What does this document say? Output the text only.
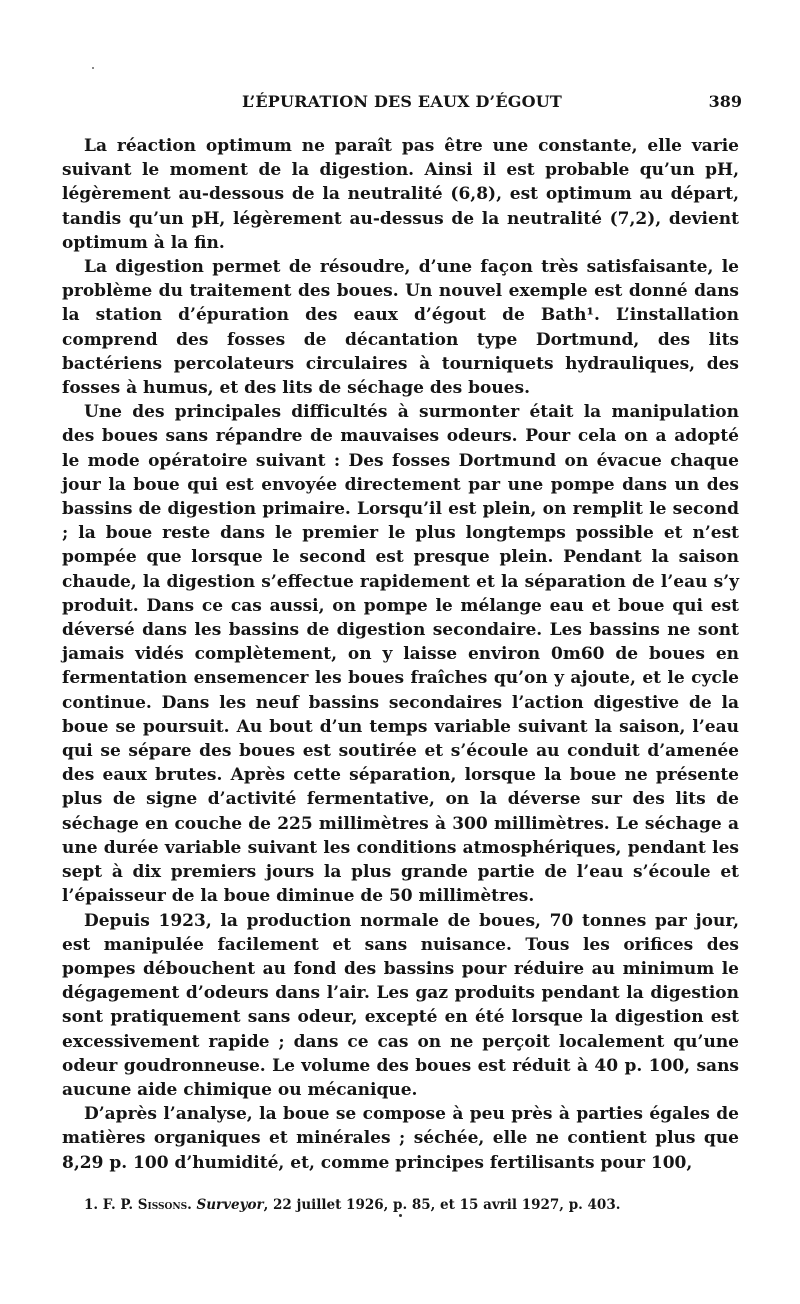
L’ÉPURATION DES EAUX D’ÉGOUT	389

La réaction optimum ne paraît pas être une constante, elle varie suivant le moment de la digestion. Ainsi il est probable qu’un pH, légèrement au-dessous de la neutralité (6,8), est optimum au départ, tandis qu’un pH, légèrement au-dessus de la neutralité (7,2), devient optimum à la fin.

La digestion permet de résoudre, d’une façon très satisfaisante, le problème du traitement des boues. Un nouvel exemple est donné dans la station d’épuration des eaux d’égout de Bath¹. L’installation comprend des fosses de décantation type Dortmund, des lits bactériens percolateurs circulaires à tourniquets hydrauliques, des fosses à humus, et des lits de séchage des boues.

Une des principales difficultés à surmonter était la manipulation des boues sans répandre de mauvaises odeurs. Pour cela on a adopté le mode opératoire suivant : Des fosses Dortmund on évacue chaque jour la boue qui est envoyée directement par une pompe dans un des bassins de digestion primaire. Lorsqu’il est plein, on remplit le second ; la boue reste dans le premier le plus longtemps possible et n’est pompée que lorsque le second est presque plein. Pendant la saison chaude, la digestion s’effectue rapidement et la séparation de l’eau s’y produit. Dans ce cas aussi, on pompe le mélange eau et boue qui est déversé dans les bassins de digestion secondaire. Les bassins ne sont jamais vidés complètement, on y laisse environ 0m60 de boues en fermentation ensemencer les boues fraîches qu’on y ajoute, et le cycle continue. Dans les neuf bassins secondaires l’action digestive de la boue se poursuit. Au bout d’un temps variable suivant la saison, l’eau qui se sépare des boues est soutirée et s’écoule au conduit d’amenée des eaux brutes. Après cette séparation, lorsque la boue ne présente plus de signe d’activité fermentative, on la déverse sur des lits de séchage en couche de 225 millimètres à 300 millimètres. Le séchage a une durée variable suivant les conditions atmosphériques, pendant les sept à dix premiers jours la plus grande partie de l’eau s’écoule et l’épaisseur de la boue diminue de 50 millimètres.

Depuis 1923, la production normale de boues, 70 tonnes par jour, est manipulée facilement et sans nuisance. Tous les orifices des pompes débouchent au fond des bassins pour réduire au minimum le dégagement d’odeurs dans l’air. Les gaz produits pendant la digestion sont pratiquement sans odeur, excepté en été lorsque la digestion est excessivement rapide ; dans ce cas on ne perçoit localement qu’une odeur goudronneuse. Le volume des boues est réduit à 40 p. 100, sans aucune aide chimique ou mécanique.

D’après l’analyse, la boue se compose à peu près à parties égales de matières organiques et minérales ; séchée, elle ne contient plus que 8,29 p. 100 d’humidité, et, comme principes fertilisants pour 100,

1. F. P. Sissons. Surveyor, 22 juillet 1926, p. 85, et 15 avril 1927, p. 403.
